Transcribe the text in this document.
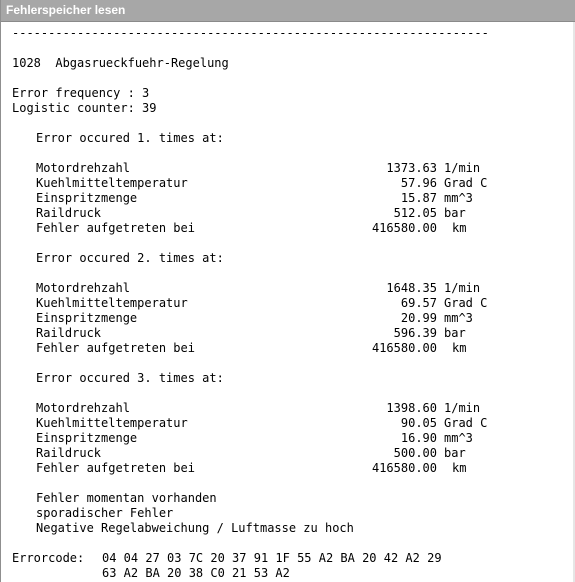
Fehlerspeicher lesen
------------------------------------------------------------------
1028 Abgasrueckfuehr-Regelung
Error frequency : 3
Logistic counter: 39
Fehler momentan vorhanden
sporadischer Fehler
Negative Regelabweichung / Luftmasse zu hoch
Errorcode: 04 04 27 03 7C 20 37 91 1F 55 A2 BA 20 42 A2 29
63 A2 BA 20 38 C0 21 53 A2
Error occured 1. times at:
Motordrehzahl	1373.63 1/min
Kuehlmitteltemperatur	57.96 Grad C
Einspritzmenge	15.87 mm^3
Raildruck	512.05 bar
Fehler aufgetreten bei	416580.00 km
Error occured 2. times at:
Motordrehzahl	1648.35 1/min
Kuehlmitteltemperatur	69.57 Grad C
Einspritzmenge	20.99 mm^3
Raildruck	596.39 bar
Fehler aufgetreten bei	416580.00 km
Error occured 3. times at:
Motordrehzahl	1398.60 1/min
Kuehlmitteltemperatur	90.05 Grad C
Einspritzmenge	16.90 mm^3
Raildruck	500.00 bar
Fehler aufgetreten bei	416580.00 km
